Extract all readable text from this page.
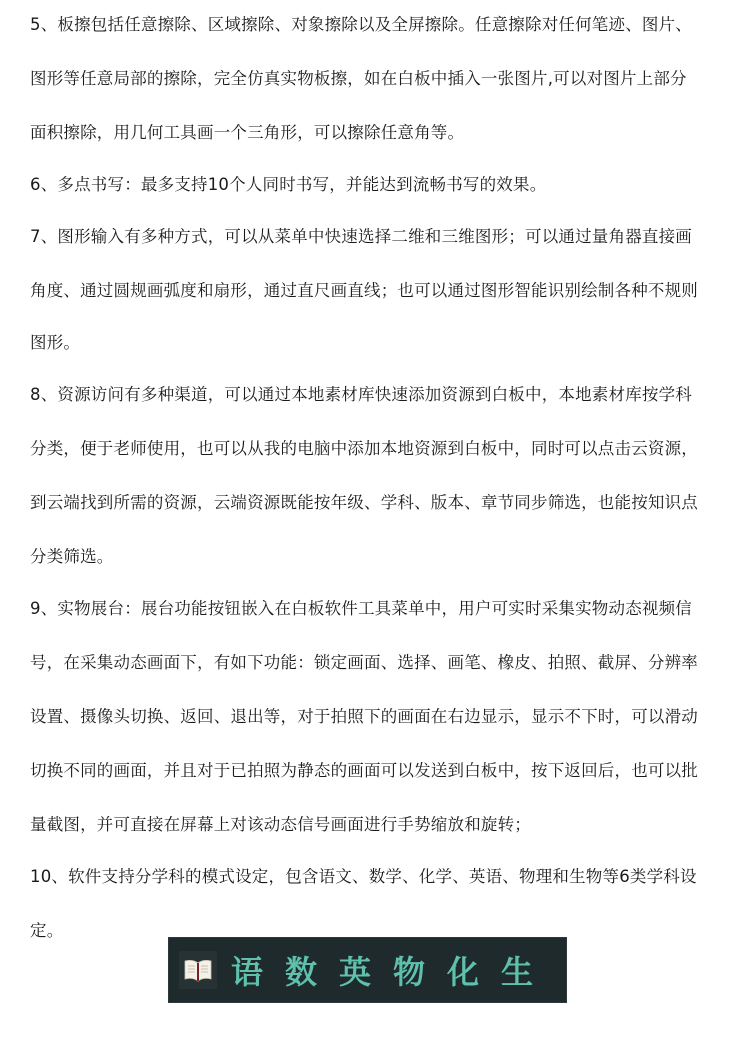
5、板擦包括任意擦除、区域擦除、对象擦除以及全屏擦除。任意擦除对任何笔迹、图片、
图形等任意局部的擦除，完全仿真实物板擦，如在白板中插入一张图片,可以对图片上部分
面积擦除，用几何工具画一个三角形，可以擦除任意角等。
6、多点书写：最多支持10个人同时书写，并能达到流畅书写的效果。
7、图形输入有多种方式，可以从菜单中快速选择二维和三维图形；可以通过量角器直接画
角度、通过圆规画弧度和扇形，通过直尺画直线；也可以通过图形智能识别绘制各种不规则
图形。
8、资源访问有多种渠道，可以通过本地素材库快速添加资源到白板中，本地素材库按学科
分类，便于老师使用，也可以从我的电脑中添加本地资源到白板中，同时可以点击云资源，
到云端找到所需的资源，云端资源既能按年级、学科、版本、章节同步筛选，也能按知识点
分类筛选。
9、实物展台：展台功能按钮嵌入在白板软件工具菜单中，用户可实时采集实物动态视频信
号，在采集动态画面下，有如下功能：锁定画面、选择、画笔、橡皮、拍照、截屏、分辨率
设置、摄像头切换、返回、退出等，对于拍照下的画面在右边显示，显示不下时，可以滑动
切换不同的画面，并且对于已拍照为静态的画面可以发送到白板中，按下返回后，也可以批
量截图，并可直接在屏幕上对该动态信号画面进行手势缩放和旋转；
10、软件支持分学科的模式设定，包含语文、数学、化学、英语、物理和生物等6类学科设
定。
语数英物化生
